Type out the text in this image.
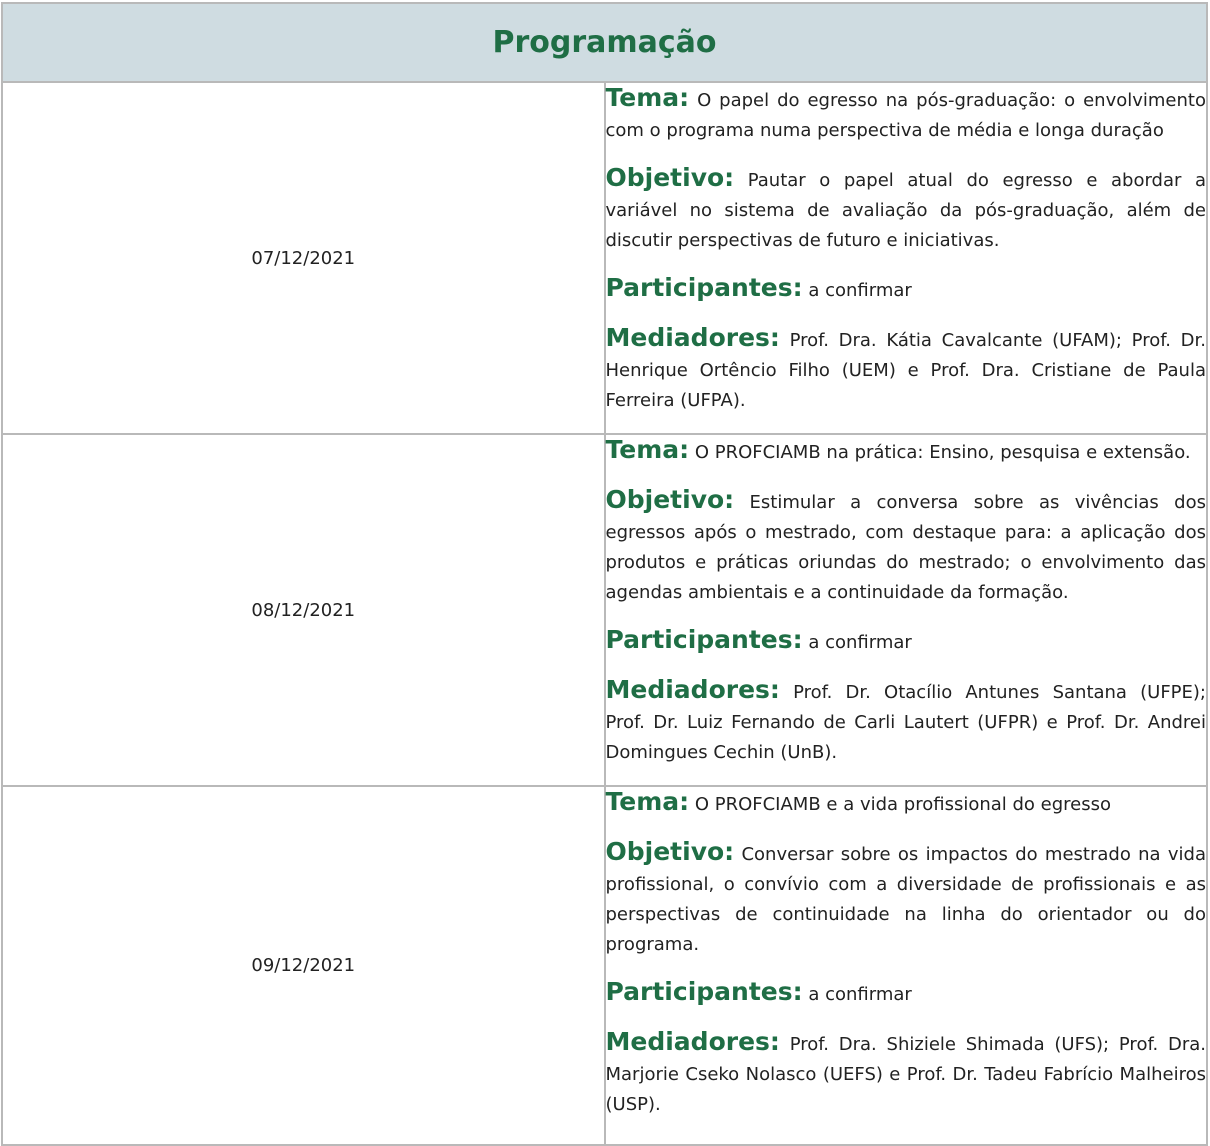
Programação	
07/12/2021	Tema: O papel do egresso na pós-graduação: o envolvimento com o programa numa perspectiva de média e longa duração

Objetivo: Pautar o papel atual do egresso e abordar a variável no sistema de avaliação da pós-graduação, além de discutir perspectivas de futuro e iniciativas.

Participantes: a confirmar

Mediadores: Prof. Dra. Kátia Cavalcante (UFAM); Prof. Dr. Henrique Ortêncio Filho (UEM) e Prof. Dra. Cristiane de Paula Ferreira (UFPA).

08/12/2021	Tema: O PROFCIAMB na prática: Ensino, pesquisa e extensão.

Objetivo: Estimular a conversa sobre as vivências dos egressos após o mestrado, com destaque para: a aplicação dos produtos e práticas oriundas do mestrado; o envolvimento das agendas ambientais e a continuidade da formação.

Participantes: a confirmar

Mediadores: Prof. Dr. Otacílio Antunes Santana (UFPE); Prof. Dr. Luiz Fernando de Carli Lautert (UFPR) e Prof. Dr. Andrei Domingues Cechin (UnB).

09/12/2021	Tema: O PROFCIAMB e a vida profissional do egresso

Objetivo: Conversar sobre os impactos do mestrado na vida profissional, o convívio com a diversidade de profissionais e as perspectivas de continuidade na linha do orientador ou do programa.

Participantes: a confirmar

Mediadores: Prof. Dra. Shiziele Shimada (UFS); Prof. Dra. Marjorie Cseko Nolasco (UEFS) e Prof. Dr. Tadeu Fabrício Malheiros (USP).
